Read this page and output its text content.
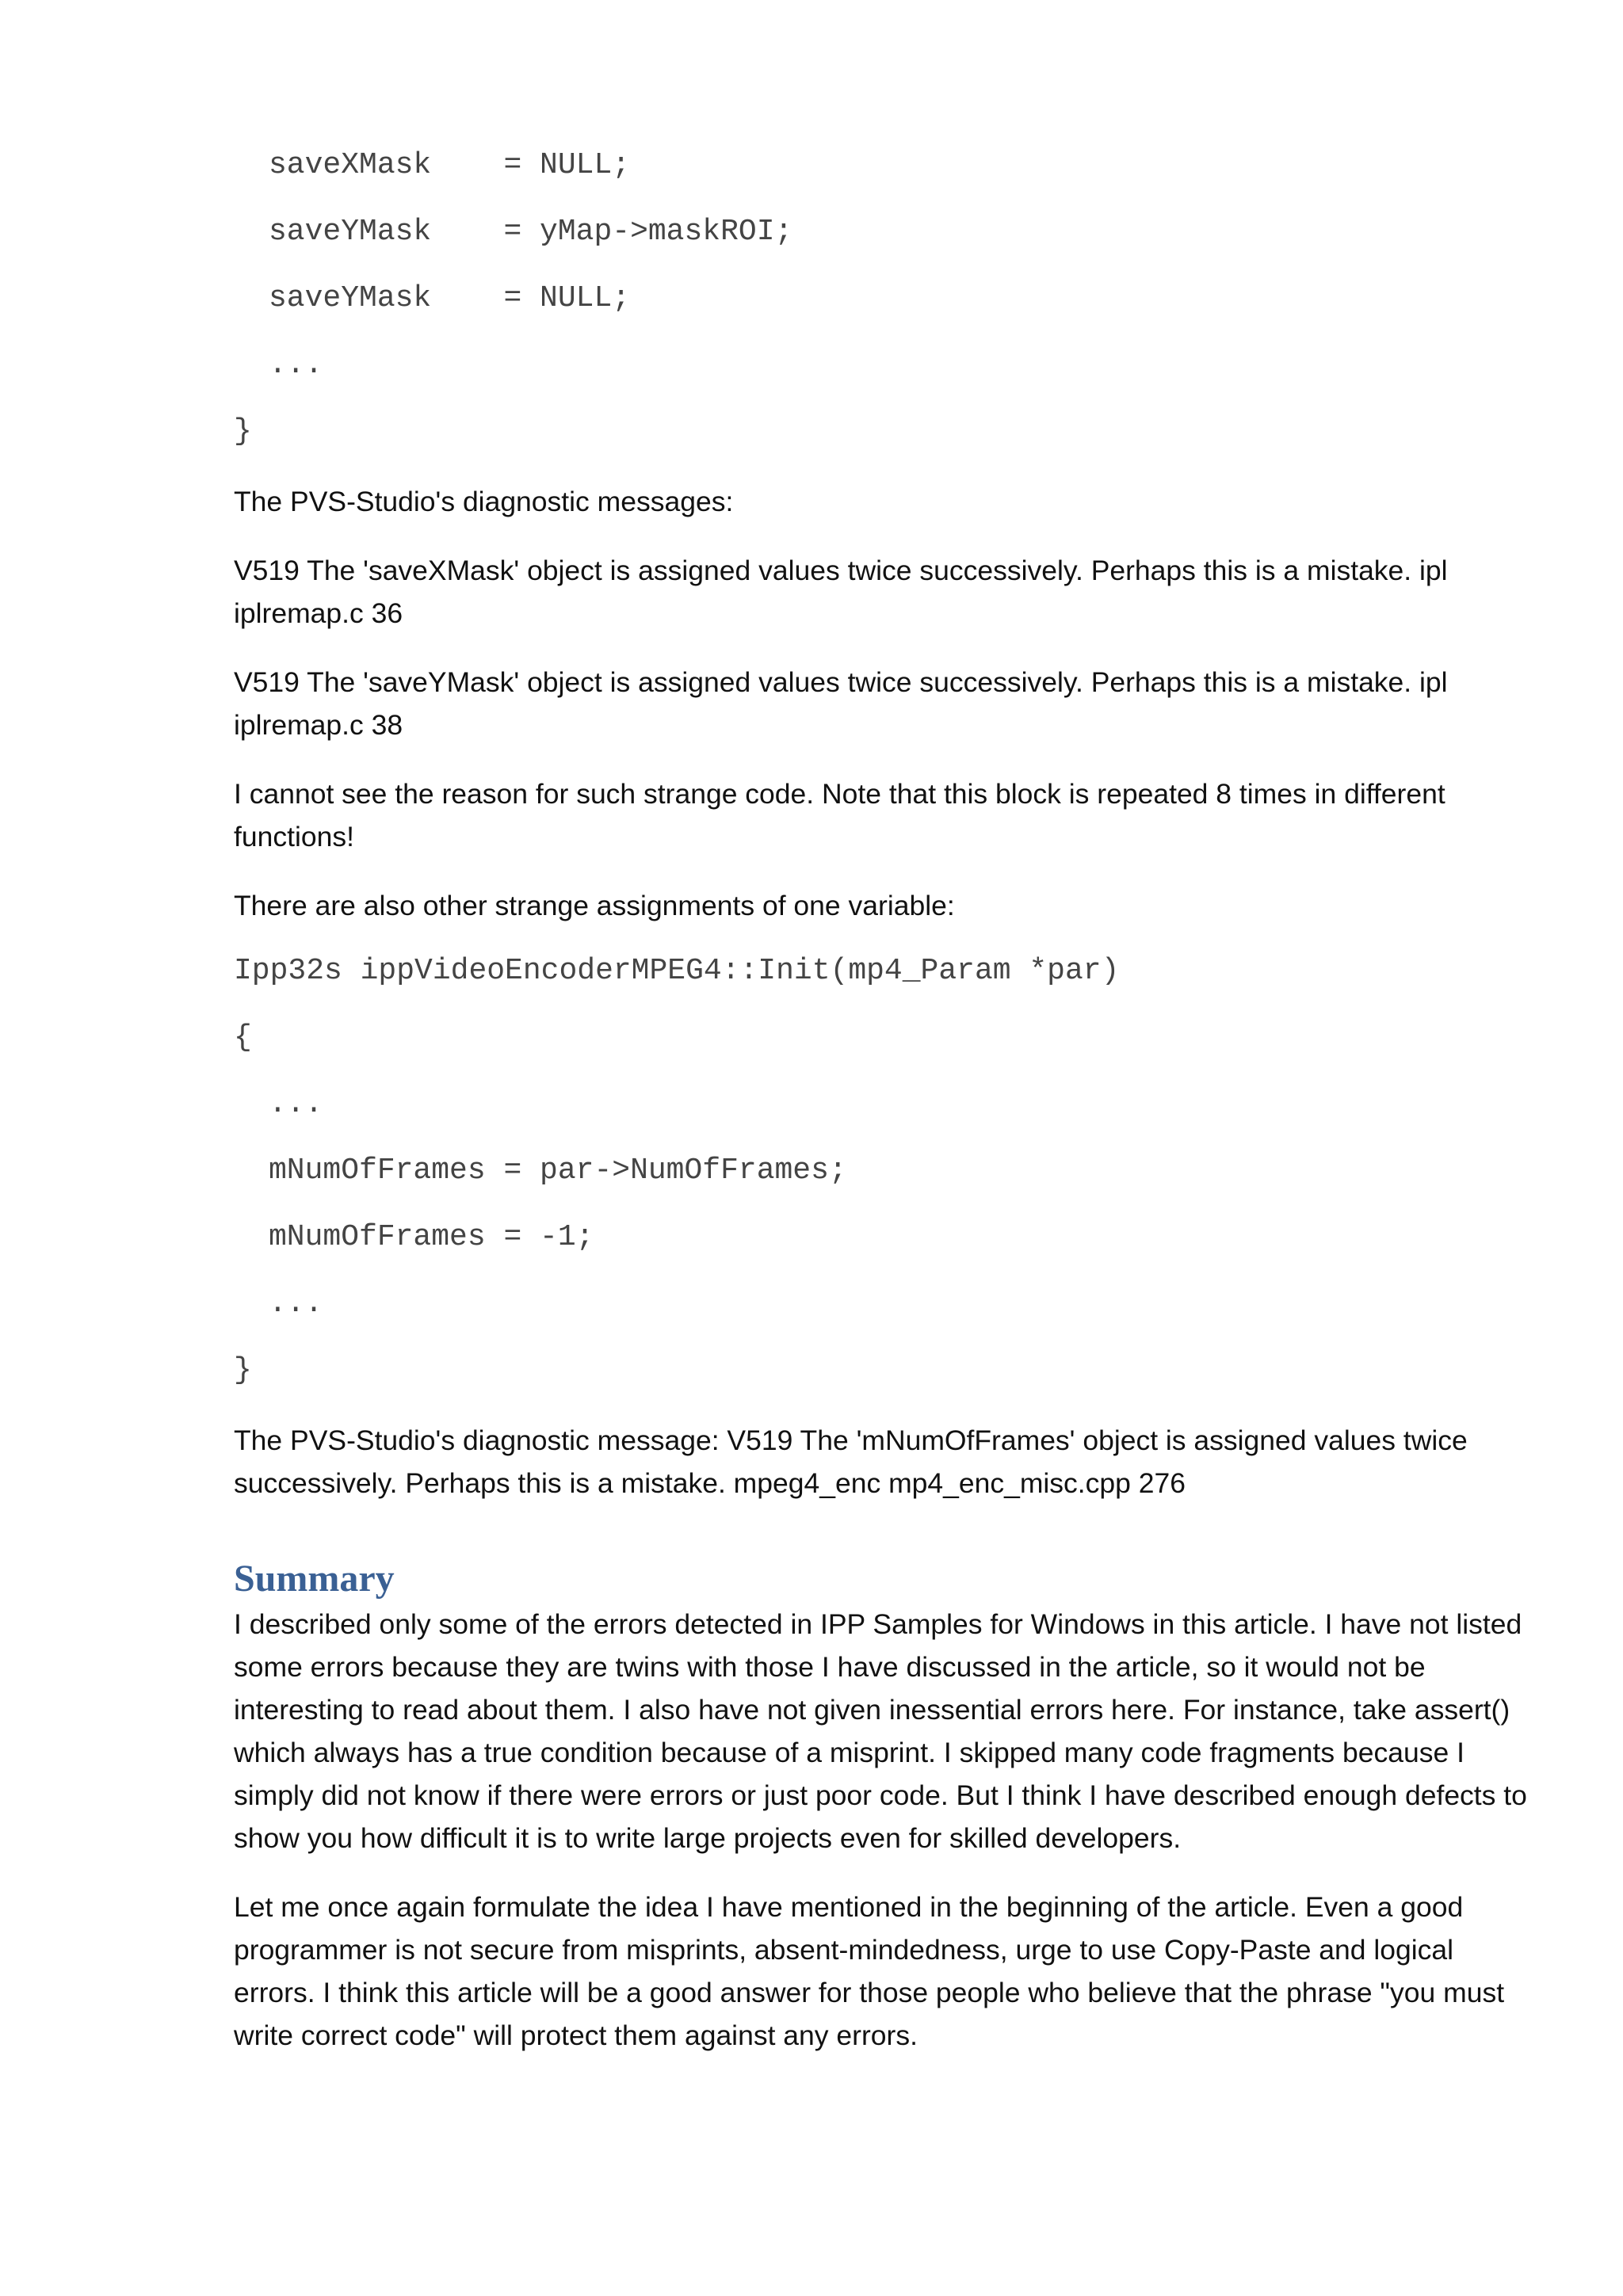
saveXMask    = NULL;
saveYMask    = yMap->maskROI;
saveYMask    = NULL;
...
}

The PVS-Studio's diagnostic messages:

V519 The 'saveXMask' object is assigned values twice successively. Perhaps this is a mistake. ipl iplremap.c 36

V519 The 'saveYMask' object is assigned values twice successively. Perhaps this is a mistake. ipl iplremap.c 38

I cannot see the reason for such strange code. Note that this block is repeated 8 times in different functions!

There are also other strange assignments of one variable:

Ipp32s ippVideoEncoderMPEG4::Init(mp4_Param *par)
{
...
mNumOfFrames = par->NumOfFrames;
mNumOfFrames = -1;
...
}

The PVS-Studio's diagnostic message: V519 The 'mNumOfFrames' object is assigned values twice successively. Perhaps this is a mistake. mpeg4_enc mp4_enc_misc.cpp 276

Summary

I described only some of the errors detected in IPP Samples for Windows in this article. I have not listed some errors because they are twins with those I have discussed in the article, so it would not be interesting to read about them. I also have not given inessential errors here. For instance, take assert() which always has a true condition because of a misprint. I skipped many code fragments because I simply did not know if there were errors or just poor code. But I think I have described enough defects to show you how difficult it is to write large projects even for skilled developers.

Let me once again formulate the idea I have mentioned in the beginning of the article. Even a good programmer is not secure from misprints, absent-mindedness, urge to use Copy-Paste and logical errors. I think this article will be a good answer for those people who believe that the phrase "you must write correct code" will protect them against any errors.
